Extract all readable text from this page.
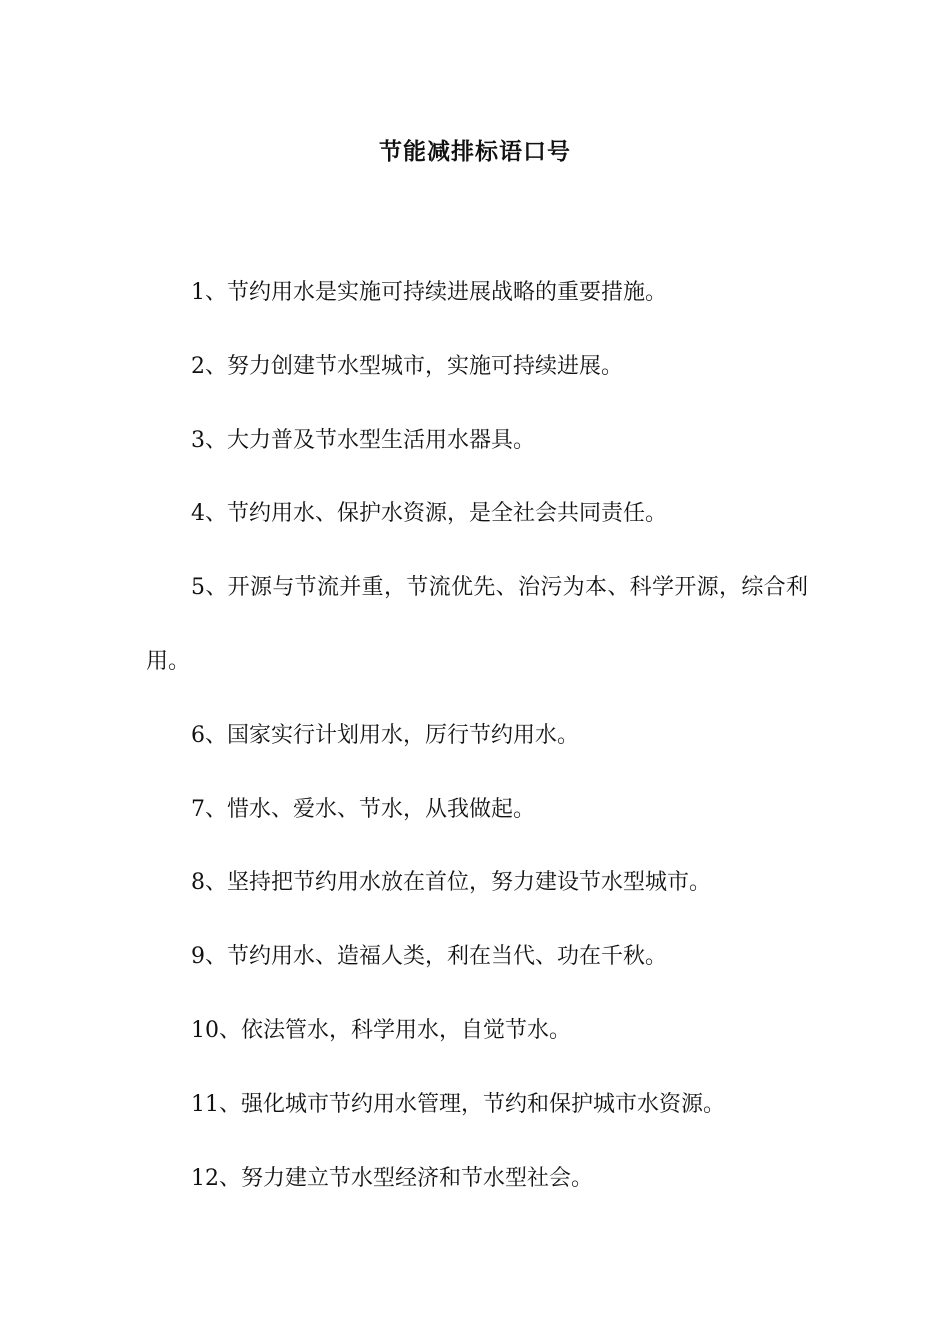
节能减排标语口号

1、节约用水是实施可持续进展战略的重要措施。

2、努力创建节水型城市，实施可持续进展。

3、大力普及节水型生活用水器具。

4、节约用水、保护水资源，是全社会共同责任。

5、开源与节流并重，节流优先、治污为本、科学开源，综合利用。

6、国家实行计划用水，厉行节约用水。

7、惜水、爱水、节水，从我做起。

8、坚持把节约用水放在首位，努力建设节水型城市。

9、节约用水、造福人类，利在当代、功在千秋。

10、依法管水，科学用水，自觉节水。

11、强化城市节约用水管理，节约和保护城市水资源。

12、努力建立节水型经济和节水型社会。
